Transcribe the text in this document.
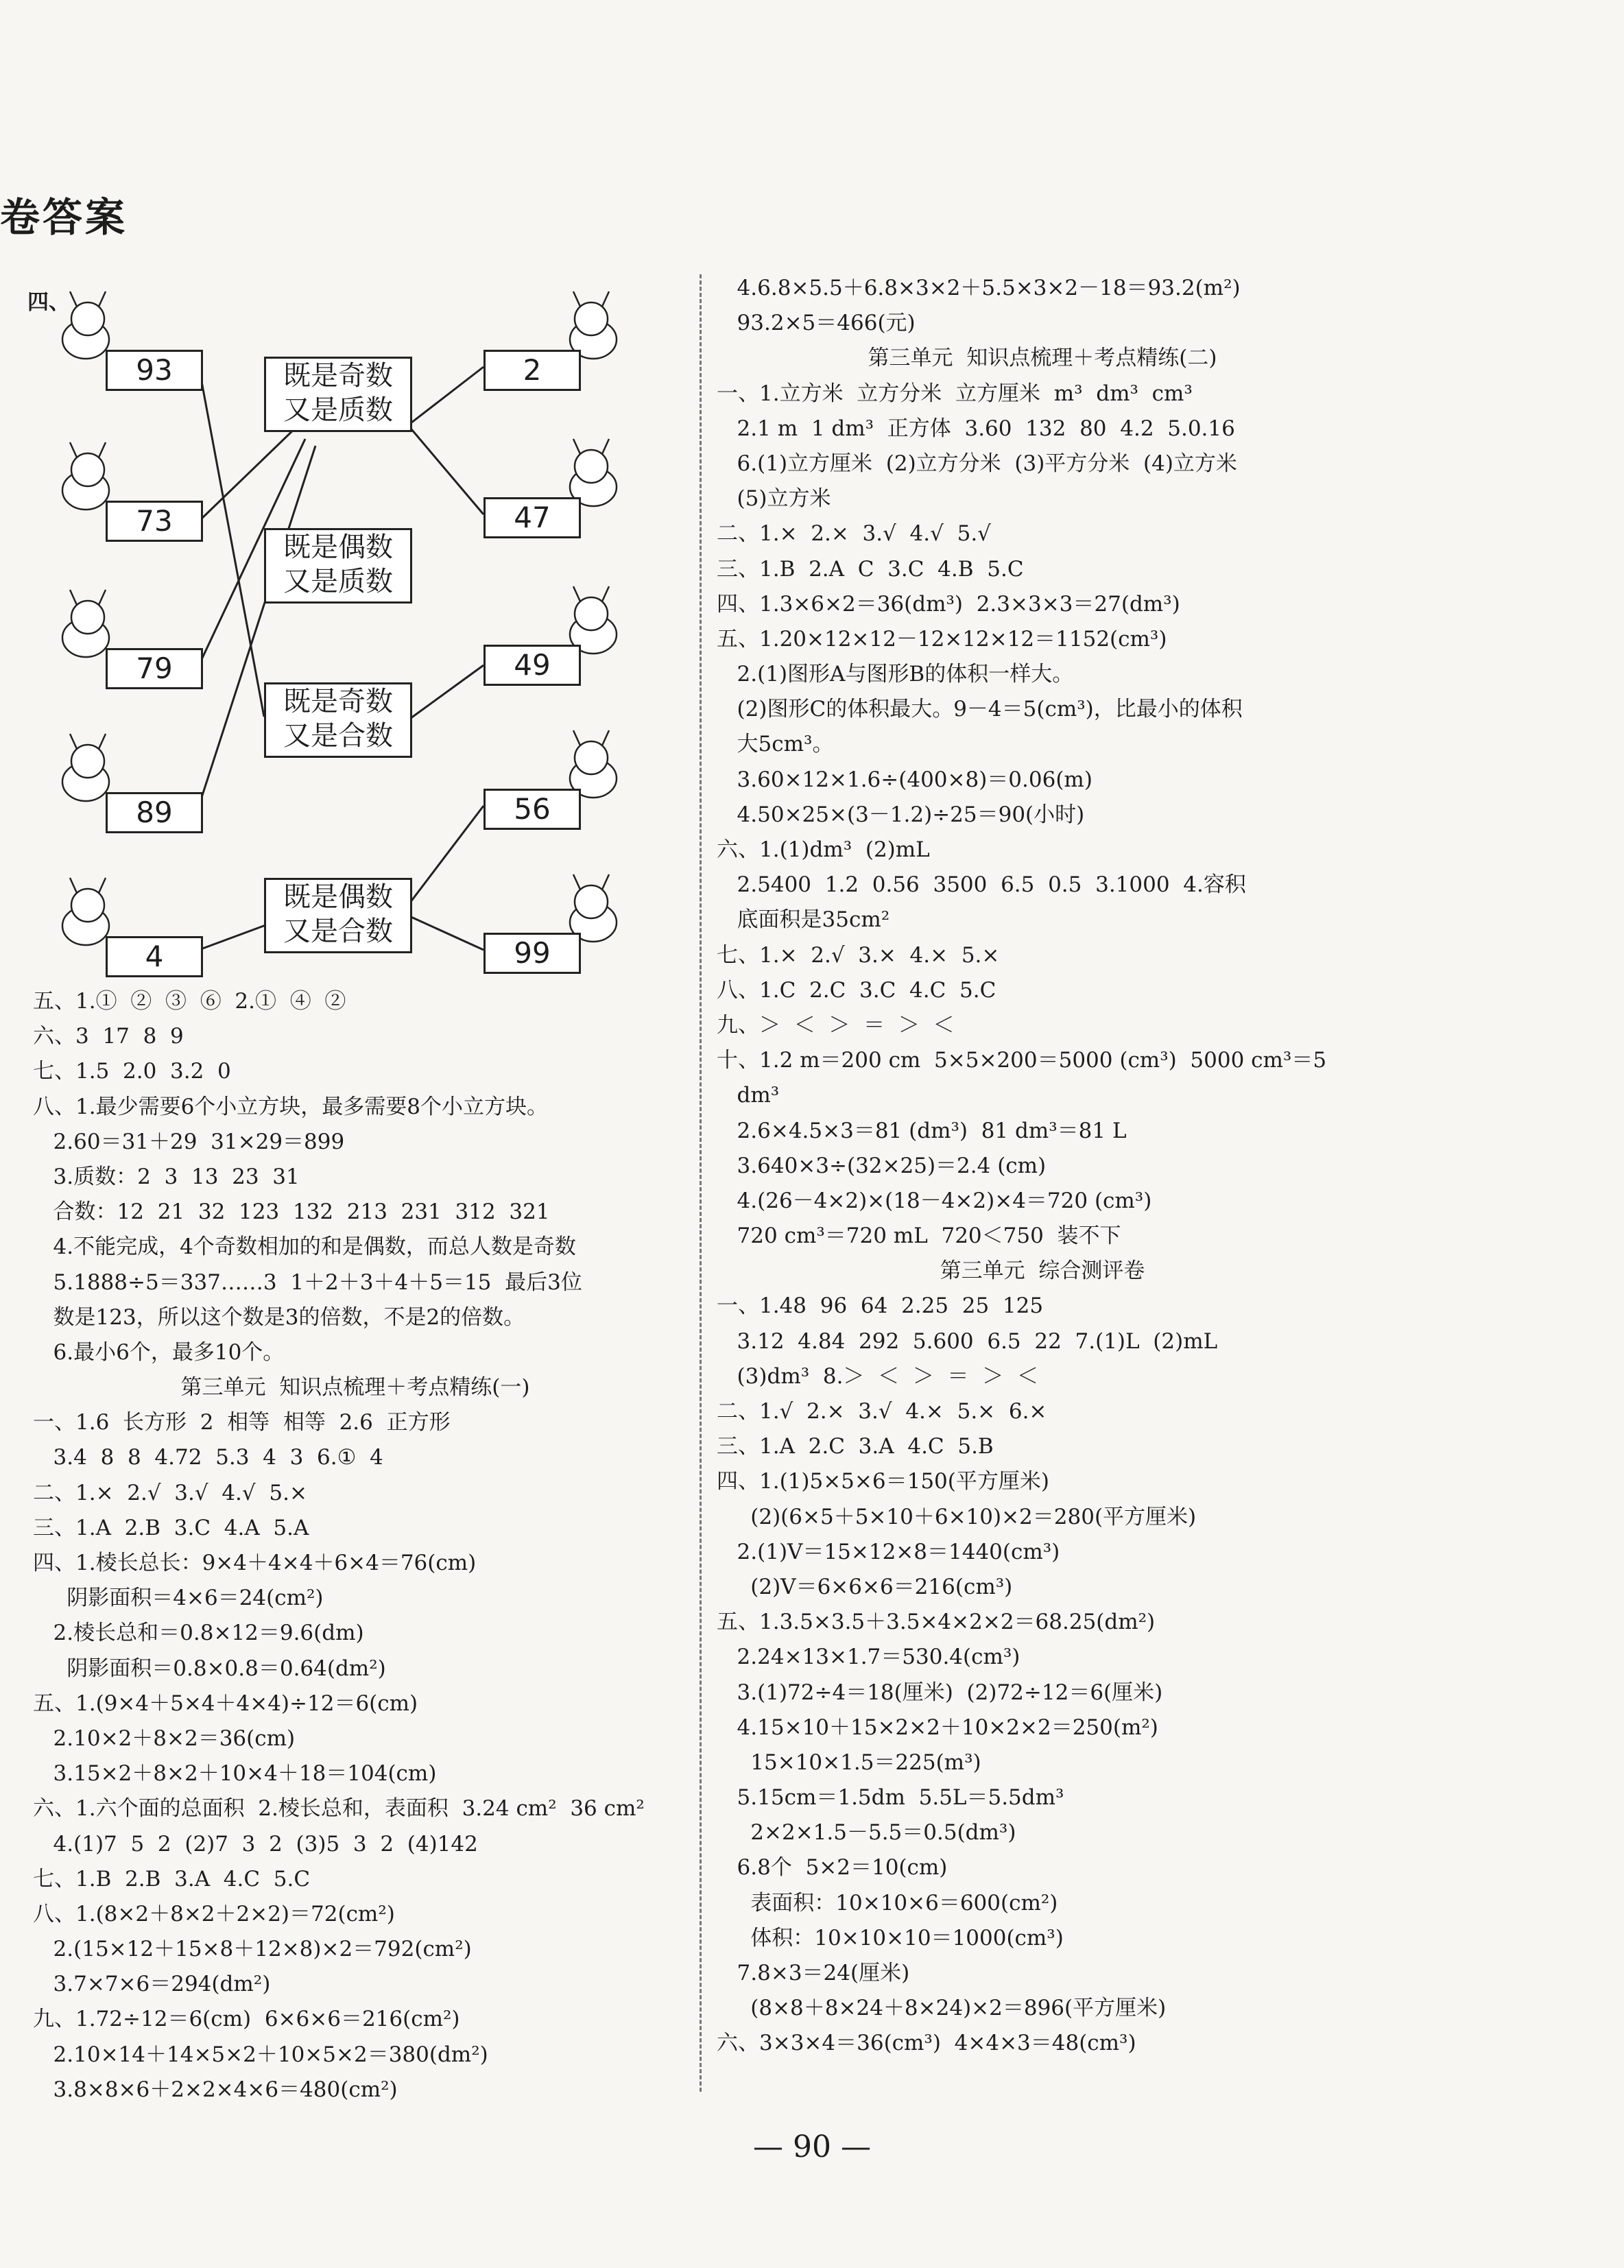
卷答案
四、
93
73
79
89
4
2
47
49
56
99
既是奇数
又是质数
既是偶数
又是质数
既是奇数
又是合数
既是偶数
又是合数
五、1.①  ②  ③  ⑥  2.①  ④  ②
六、3  17  8  9
七、1.5  2.0  3.2  0
八、1.最少需要6个小立方块，最多需要8个小立方块。
2.60＝31＋29  31×29＝899
3.质数：2  3  13  23  31
合数：12  21  32  123  132  213  231  312  321
4.不能完成，4个奇数相加的和是偶数，而总人数是奇数
5.1888÷5＝337……3  1＋2＋3＋4＋5＝15  最后3位
数是123，所以这个数是3的倍数，不是2的倍数。
6.最小6个，最多10个。
第三单元  知识点梳理＋考点精练(一)
一、1.6  长方形  2  相等  相等  2.6  正方形
3.4  8  8  4.72  5.3  4  3  6.①  4
二、1.×  2.√  3.√  4.√  5.×
三、1.A  2.B  3.C  4.A  5.A
四、1.棱长总长：9×4＋4×4＋6×4＝76(cm)
阴影面积＝4×6＝24(cm²)
2.棱长总和＝0.8×12＝9.6(dm)
阴影面积＝0.8×0.8＝0.64(dm²)
五、1.(9×4＋5×4＋4×4)÷12＝6(cm)
2.10×2＋8×2＝36(cm)
3.15×2＋8×2＋10×4＋18＝104(cm)
六、1.六个面的总面积  2.棱长总和，表面积  3.24 cm²  36 cm²
4.(1)7  5  2  (2)7  3  2  (3)5  3  2  (4)142
七、1.B  2.B  3.A  4.C  5.C
八、1.(8×2＋8×2＋2×2)＝72(cm²)
2.(15×12＋15×8＋12×8)×2＝792(cm²)
3.7×7×6＝294(dm²)
九、1.72÷12＝6(cm)  6×6×6＝216(cm²)
2.10×14＋14×5×2＋10×5×2＝380(dm²)
3.8×8×6＋2×2×4×6＝480(cm²)
4.6.8×5.5＋6.8×3×2＋5.5×3×2－18＝93.2(m²)
93.2×5＝466(元)
第三单元  知识点梳理＋考点精练(二)
一、1.立方米  立方分米  立方厘米  m³  dm³  cm³
2.1 m  1 dm³  正方体  3.60  132  80  4.2  5.0.16
6.(1)立方厘米  (2)立方分米  (3)平方分米  (4)立方米
(5)立方米
二、1.×  2.×  3.√  4.√  5.√
三、1.B  2.A  C  3.C  4.B  5.C
四、1.3×6×2＝36(dm³)  2.3×3×3＝27(dm³)
五、1.20×12×12－12×12×12＝1152(cm³)
2.(1)图形A与图形B的体积一样大。
(2)图形C的体积最大。9－4＝5(cm³)，比最小的体积
大5cm³。
3.60×12×1.6÷(400×8)＝0.06(m)
4.50×25×(3－1.2)÷25＝90(小时)
六、1.(1)dm³  (2)mL
2.5400  1.2  0.56  3500  6.5  0.5  3.1000  4.容积
底面积是35cm²
七、1.×  2.√  3.×  4.×  5.×
八、1.C  2.C  3.C  4.C  5.C
九、＞  ＜  ＞  ＝  ＞  ＜
十、1.2 m＝200 cm  5×5×200＝5000 (cm³)  5000 cm³＝5
dm³
2.6×4.5×3＝81 (dm³)  81 dm³＝81 L
3.640×3÷(32×25)＝2.4 (cm)
4.(26－4×2)×(18－4×2)×4＝720 (cm³)
720 cm³＝720 mL  720＜750  装不下
第三单元  综合测评卷
一、1.48  96  64  2.25  25  125
3.12  4.84  292  5.600  6.5  22  7.(1)L  (2)mL
(3)dm³  8.＞  ＜  ＞  ＝  ＞  ＜
二、1.√  2.×  3.√  4.×  5.×  6.×
三、1.A  2.C  3.A  4.C  5.B
四、1.(1)5×5×6＝150(平方厘米)
(2)(6×5＋5×10＋6×10)×2＝280(平方厘米)
2.(1)V＝15×12×8＝1440(cm³)
(2)V＝6×6×6＝216(cm³)
五、1.3.5×3.5＋3.5×4×2×2＝68.25(dm²)
2.24×13×1.7＝530.4(cm³)
3.(1)72÷4＝18(厘米)  (2)72÷12＝6(厘米)
4.15×10＋15×2×2＋10×2×2＝250(m²)
15×10×1.5＝225(m³)
5.15cm＝1.5dm  5.5L＝5.5dm³
2×2×1.5－5.5＝0.5(dm³)
6.8个  5×2＝10(cm)
表面积：10×10×6＝600(cm²)
体积：10×10×10＝1000(cm³)
7.8×3＝24(厘米)
(8×8＋8×24＋8×24)×2＝896(平方厘米)
六、3×3×4＝36(cm³)  4×4×3＝48(cm³)
— 90 —
